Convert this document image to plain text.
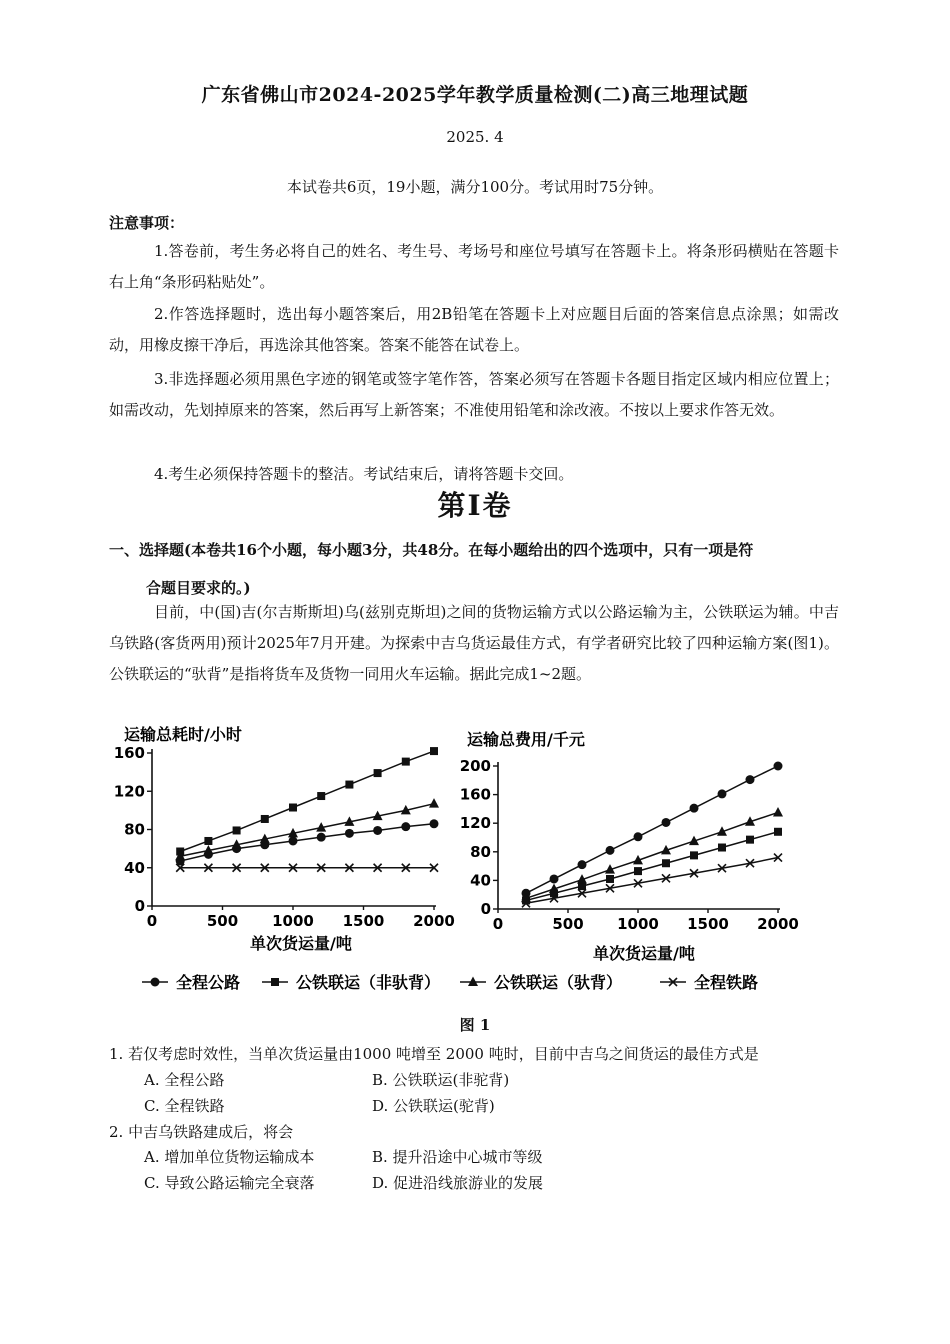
广东省佛山市2024-2025学年教学质量检测(二)高三地理试题
2025. 4
本试卷共6页，19小题，满分100分。考试用时75分钟。
注意事项：
1.答卷前，考生务必将自己的姓名、考生号、考场号和座位号填写在答题卡上。将条形码横贴在答题卡右上角“条形码粘贴处”。
2.作答选择题时，选出每小题答案后，用2B铅笔在答题卡上对应题目后面的答案信息点涂黑；如需改动，用橡皮擦干净后，再选涂其他答案。答案不能答在试卷上。
3.非选择题必须用黑色字迹的钢笔或签字笔作答，答案必须写在答题卡各题目指定区域内相应位置上；如需改动，先划掉原来的答案，然后再写上新答案；不准使用铅笔和涂改液。不按以上要求作答无效。
4.考生必须保持答题卡的整洁。考试结束后，请将答题卡交回。
第Ⅰ卷
一、选择题(本卷共16个小题，每小题3分，共48分。在每小题给出的四个选项中，只有一项是符
合题目要求的。)
目前，中(国)吉(尔吉斯斯坦)乌(兹别克斯坦)之间的货物运输方式以公路运输为主，公铁联运为辅。中吉乌铁路(客货两用)预计2025年7月开建。为探索中吉乌货运最佳方式，有学者研究比较了四种运输方案(图1)。公铁联运的“驮背”是指将货车及货物一同用火车运输。据此完成1~2题。
运输总耗时/小时
单次货运量/吨
0
40
80
120
160
0	500 1000 1500 2000
运输总费用/千元
单次货运量/吨
0
40
80
120
160
200
0	500 1000 1500 2000
全程公路	公铁联运（非驮背）	公铁联运（驮背）	全程铁路
图 1
1. 若仅考虑时效性，当单次货运量由1000 吨增至 2000 吨时，目前中吉乌之间货运的最佳方式是
A. 全程公路	B. 公铁联运(非驼背)
C. 全程铁路	D. 公铁联运(驼背)
2. 中吉乌铁路建成后，将会
A. 增加单位货物运输成本	B. 提升沿途中心城市等级
C. 导致公路运输完全衰落	D. 促进沿线旅游业的发展
